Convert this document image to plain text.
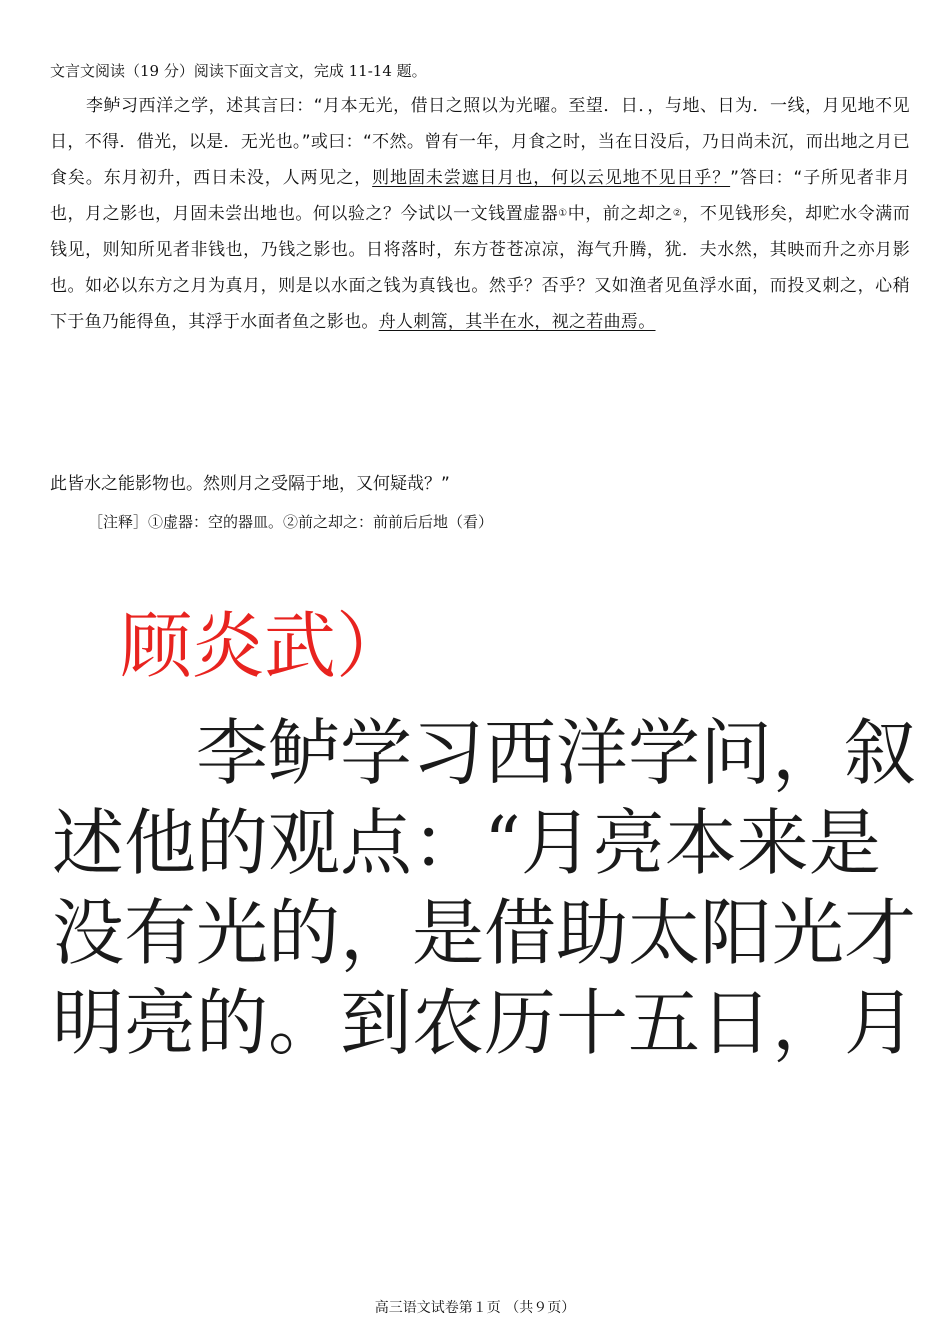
文言文阅读（19 分）阅读下面文言文，完成 11-14 题。

李鲈习西洋之学，述其言曰：“月本无光，借日之照以为光曜。至望．日．，与地、日为．一线，月见地不见日，不得．借光，以是．无光也。”或曰：“不然。曾有一年，月食之时，当在日没后，乃日尚未沉，而出地之月已食矣。东月初升，西日未没，人两见之，则地固未尝遮日月也，何以云见地不见日乎？”答曰：“子所见者非月也，月之影也，月固未尝出地也。何以验之？今试以一文钱置虚器①中，前之却之②，不见钱形矣，却贮水令满而钱见，则知所见者非钱也，乃钱之影也。日将落时，东方苍苍凉凉，海气升腾，犹．夫水然，其映而升之亦月影也。如必以东方之月为真月，则是以水面之钱为真钱也。然乎？否乎？又如渔者见鱼浮水面，而投叉刺之，心稍下于鱼乃能得鱼，其浮于水面者鱼之影也。舟人刺篙，其半在水，视之若曲焉。

此皆水之能影物也。然则月之受隔于地，又何疑哉？”
［注释］①虚器：空的器皿。②前之却之：前前后后地（看）
顾炎武）

李鲈学习西洋学问，叙述他的观点：“月亮本来是没有光的，是借助太阳光才明亮的。到农历十五日，月

高三语文试卷第１页 （共９页）
